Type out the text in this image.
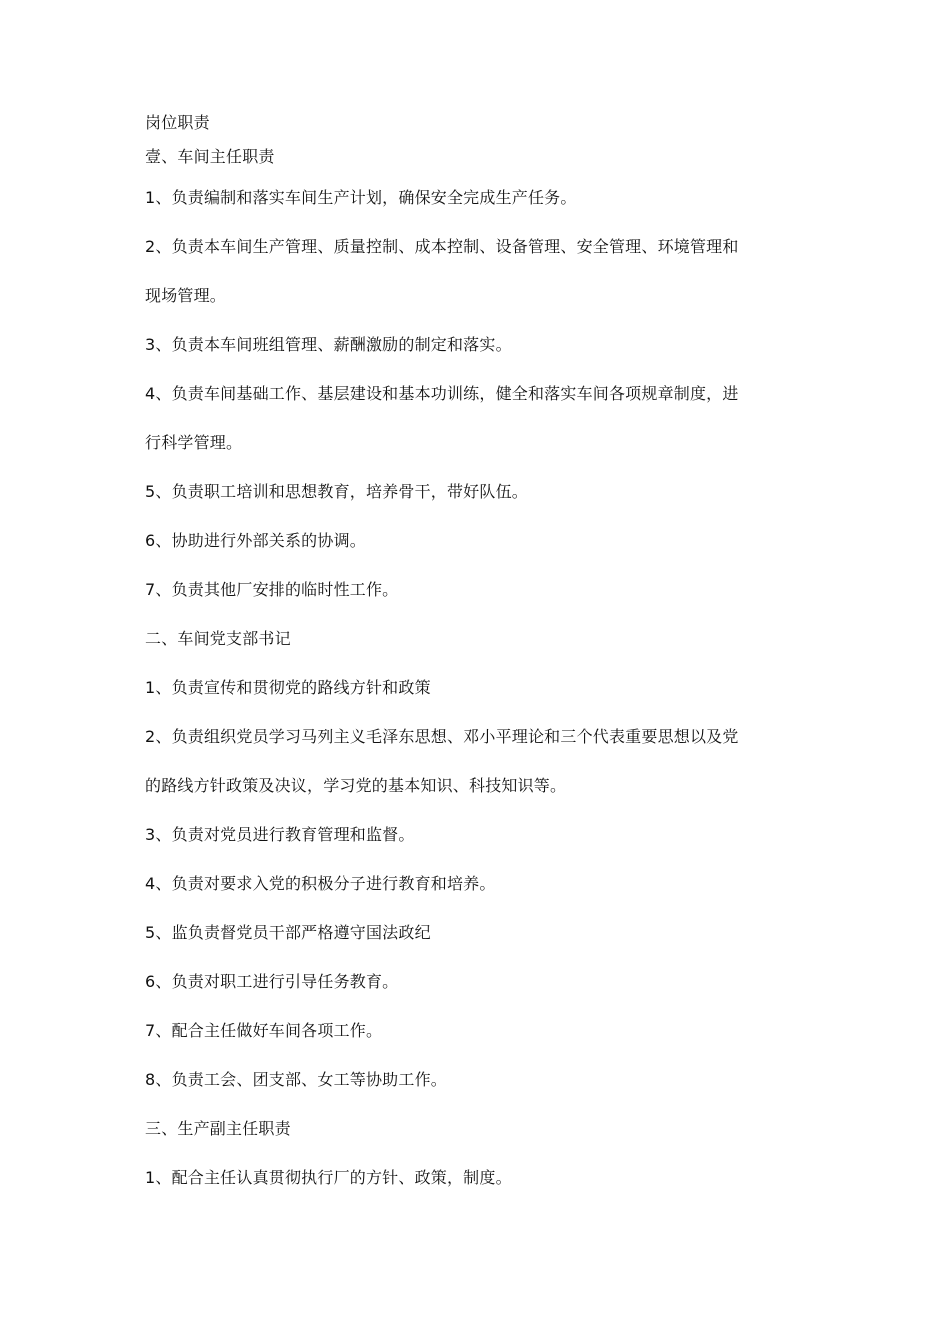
岗位职责
壹、车间主任职责
1、负责编制和落实车间生产计划，确保安全完成生产任务。
2、负责本车间生产管理、质量控制、成本控制、设备管理、安全管理、环境管理和
现场管理。
3、负责本车间班组管理、薪酬激励的制定和落实。
4、负责车间基础工作、基层建设和基本功训练，健全和落实车间各项规章制度，进
行科学管理。
5、负责职工培训和思想教育，培养骨干，带好队伍。
6、协助进行外部关系的协调。
7、负责其他厂安排的临时性工作。
二、车间党支部书记
1、负责宣传和贯彻党的路线方针和政策
2、负责组织党员学习马列主义毛泽东思想、邓小平理论和三个代表重要思想以及党
的路线方针政策及决议，学习党的基本知识、科技知识等。
3、负责对党员进行教育管理和监督。
4、负责对要求入党的积极分子进行教育和培养。
5、监负责督党员干部严格遵守国法政纪
6、负责对职工进行引导任务教育。
7、配合主任做好车间各项工作。
8、负责工会、团支部、女工等协助工作。
三、生产副主任职责
1、配合主任认真贯彻执行厂的方针、政策，制度。
